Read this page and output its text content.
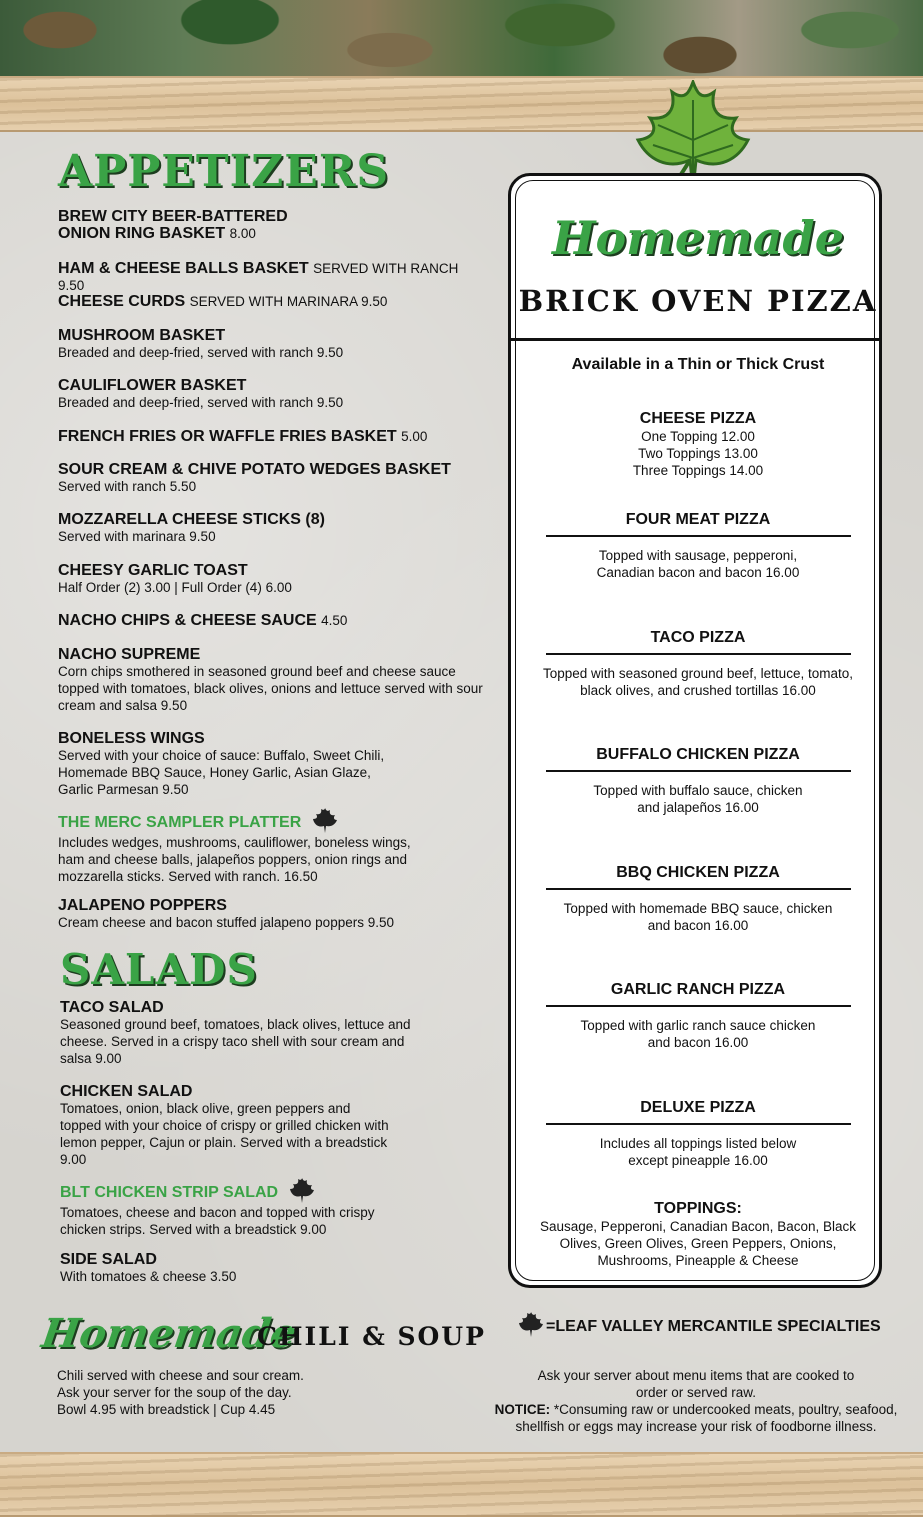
APPETIZERS
BREW CITY BEER-BATTERED ONION RING BASKET 8.00
HAM & CHEESE BALLS BASKET SERVED WITH RANCH 9.50
CHEESE CURDS SERVED WITH MARINARA 9.50
MUSHROOM BASKET
Breaded and deep-fried, served with ranch 9.50
CAULIFLOWER BASKET
Breaded and deep-fried, served with ranch 9.50
FRENCH FRIES OR WAFFLE FRIES BASKET 5.00
SOUR CREAM & CHIVE POTATO WEDGES BASKET
Served with ranch 5.50
MOZZARELLA CHEESE STICKS (8)
Served with marinara 9.50
CHEESY GARLIC TOAST
Half Order (2) 3.00 | Full Order (4) 6.00
NACHO CHIPS & CHEESE SAUCE 4.50
NACHO SUPREME
Corn chips smothered in seasoned ground beef and cheese sauce topped with tomatoes, black olives, onions and lettuce served with sour cream and salsa 9.50
BONELESS WINGS
Served with your choice of sauce: Buffalo, Sweet Chili, Homemade BBQ Sauce, Honey Garlic, Asian Glaze, Garlic Parmesan 9.50
THE MERC SAMPLER PLATTER
Includes wedges, mushrooms, cauliflower, boneless wings, ham and cheese balls, jalapeños poppers, onion rings and mozzarella sticks. Served with ranch. 16.50
JALAPENO POPPERS
Cream cheese and bacon stuffed jalapeno poppers 9.50
SALADS
TACO SALAD
Seasoned ground beef, tomatoes, black olives, lettuce and cheese. Served in a crispy taco shell with sour cream and salsa 9.00
CHICKEN SALAD
Tomatoes, onion, black olive, green peppers and topped with your choice of crispy or grilled chicken with lemon pepper, Cajun or plain. Served with a breadstick 9.00
BLT CHICKEN STRIP SALAD
Tomatoes, cheese and bacon and topped with crispy chicken strips. Served with a breadstick 9.00
SIDE SALAD
With tomatoes & cheese 3.50
Homemade
CHILI & SOUP
Chili served with cheese and sour cream. Ask your server for the soup of the day. Bowl 4.95 with breadstick | Cup 4.45
Homemade
BRICK OVEN PIZZA
Available in a Thin or Thick Crust
CHEESE PIZZA
One Topping 12.00
Two Toppings 13.00
Three Toppings 14.00
FOUR MEAT PIZZA
Topped with sausage, pepperoni, Canadian bacon and bacon 16.00
TACO PIZZA
Topped with seasoned ground beef, lettuce, tomato, black olives, and crushed tortillas 16.00
BUFFALO CHICKEN PIZZA
Topped with buffalo sauce, chicken and jalapeños 16.00
BBQ CHICKEN PIZZA
Topped with homemade BBQ sauce, chicken and bacon 16.00
GARLIC RANCH PIZZA
Topped with garlic ranch sauce chicken and bacon 16.00
DELUXE PIZZA
Includes all toppings listed below except pineapple 16.00
TOPPINGS:
Sausage, Pepperoni, Canadian Bacon, Bacon, Black Olives, Green Olives, Green Peppers, Onions, Mushrooms, Pineapple & Cheese
=LEAF VALLEY MERCANTILE SPECIALTIES
Ask your server about menu items that are cooked to order or served raw.
NOTICE: *Consuming raw or undercooked meats, poultry, seafood, shellfish or eggs may increase your risk of foodborne illness.
